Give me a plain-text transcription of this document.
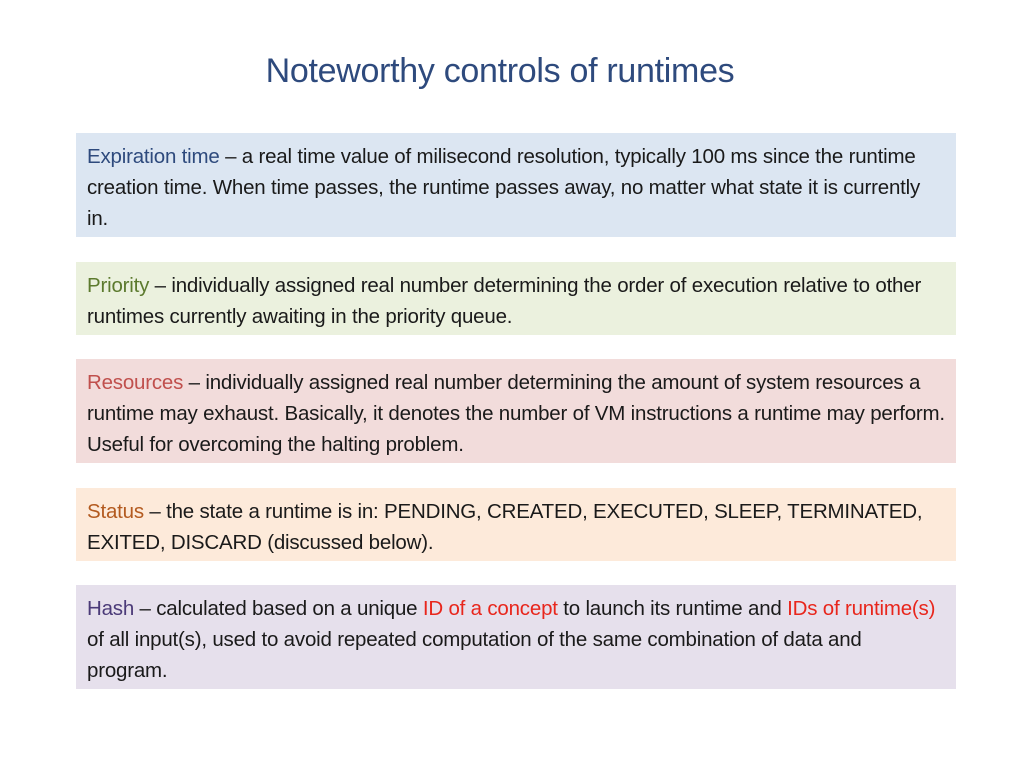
Noteworthy controls of runtimes
Expiration time – a real time value of milisecond resolution, typically 100 ms since the runtime creation time. When time passes, the runtime passes away, no matter what state it is currently in.
Priority – individually assigned real number determining the order of execution relative to other runtimes currently awaiting in the priority queue.
Resources – individually assigned real number determining the amount of system resources a runtime may exhaust. Basically, it denotes the number of VM instructions a runtime may perform. Useful for overcoming the halting problem.
Status – the state a runtime is in: PENDING, CREATED, EXECUTED, SLEEP, TERMINATED, EXITED, DISCARD (discussed below).
Hash – calculated based on a unique ID of a concept to launch its runtime and IDs of runtime(s) of all input(s), used to avoid repeated computation of the same combination of data and program.
